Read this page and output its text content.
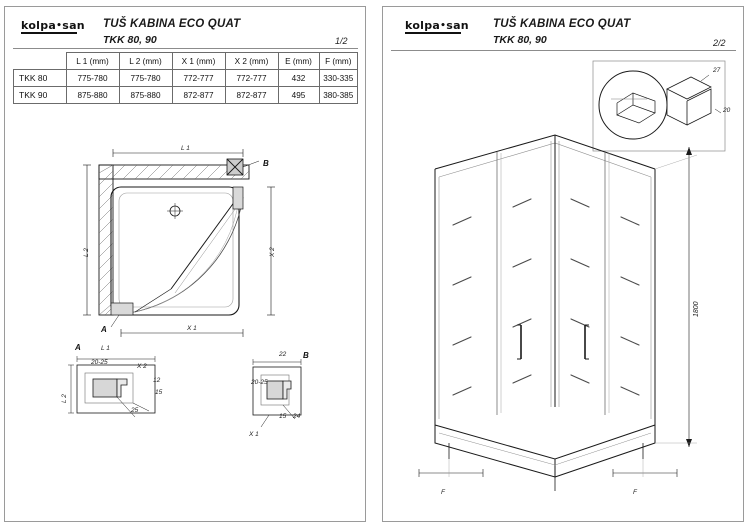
kolpa•san TUŠ KABINA ECO QUAT
TKK 80, 90	1/2
	L 1 (mm)	L 2 (mm)	X 1 (mm)	X 2 (mm)	E (mm)	F (mm)
TKK 80	775-780	775-780	772-777	772-777	432	330-335
TKK 90	875-880	875-880	872-877	872-877	495	380-385
L 1
L 2	X 2
X 1
A
B
A	L 1
L 2
20-25
X 2
12
15
25
B
22
20-25
15 24
X 1
kolpa•san TUŠ KABINA ECO QUAT
TKK 80, 90	2/2
27
20
1800
F	F
